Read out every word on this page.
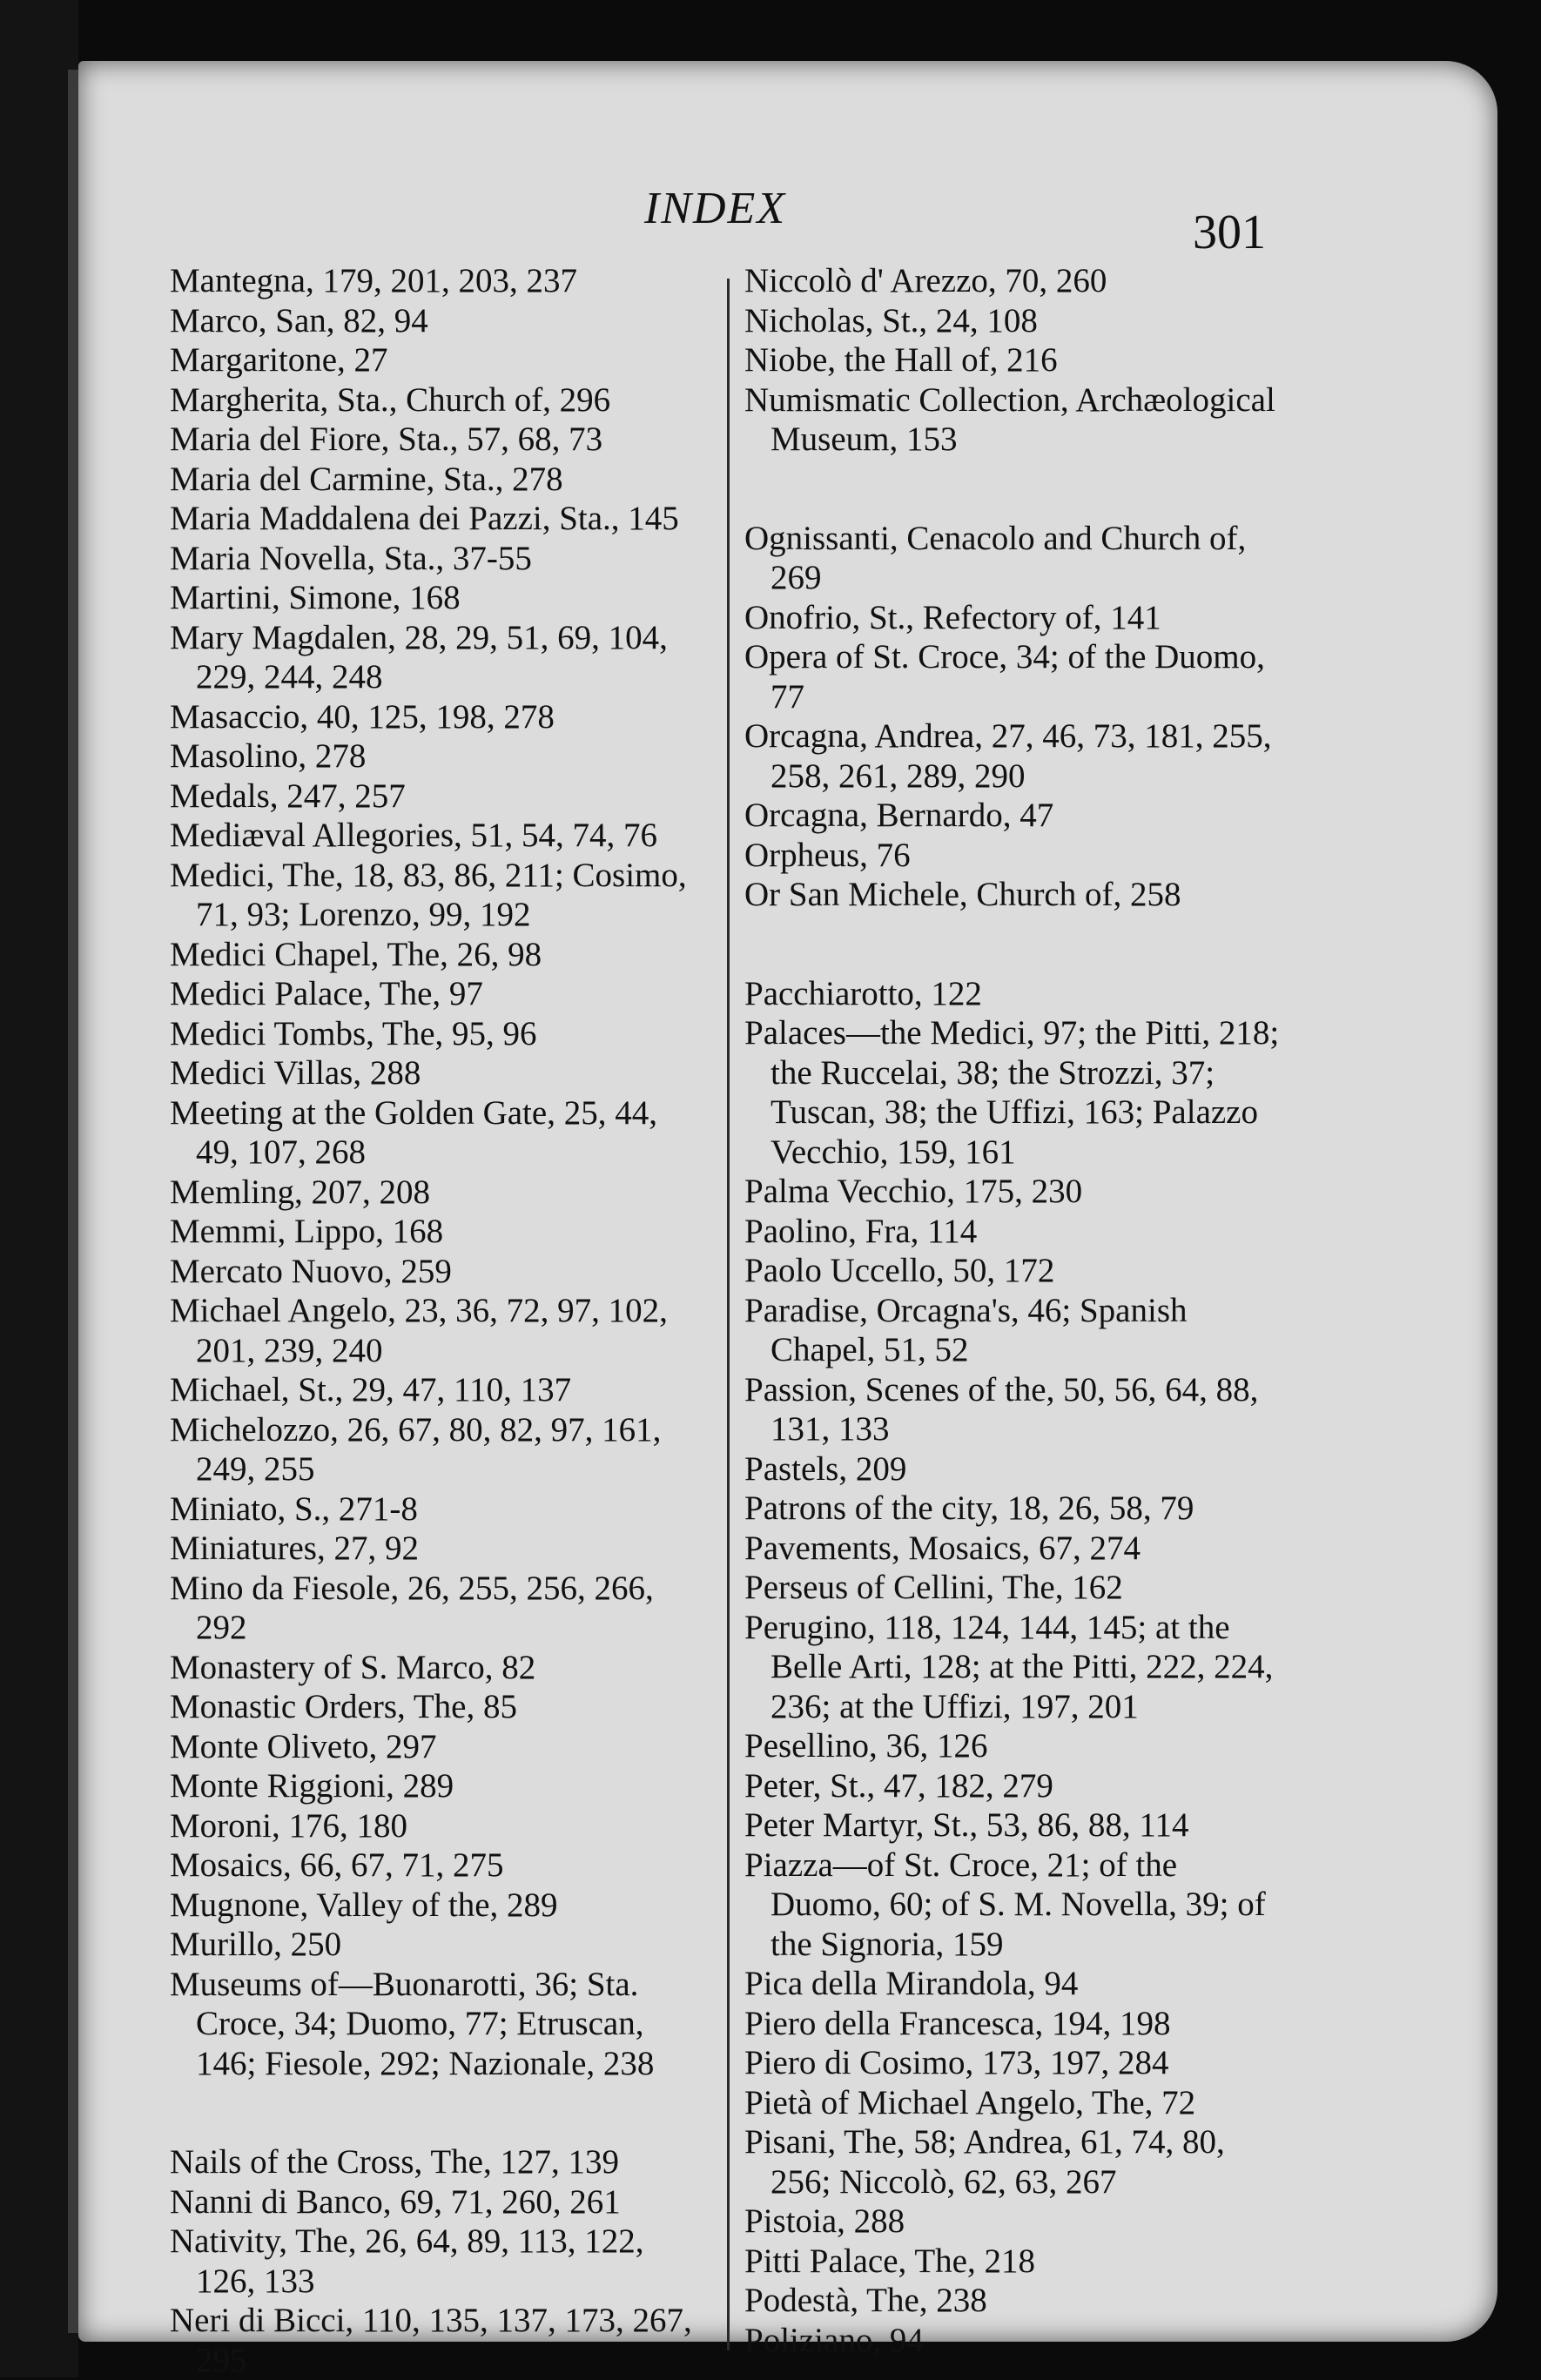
INDEX	301

Mantegna, 179, 201, 203, 237

Marco, San, 82, 94

Margaritone, 27

Margherita, Sta., Church of, 296

Maria del Fiore, Sta., 57, 68, 73

Maria del Carmine, Sta., 278

Maria Maddalena dei Pazzi, Sta., 145

Maria Novella, Sta., 37-55

Martini, Simone, 168

Mary Magdalen, 28, 29, 51, 69, 104, 229, 244, 248

Masaccio, 40, 125, 198, 278

Masolino, 278

Medals, 247, 257

Mediæval Allegories, 51, 54, 74, 76

Medici, The, 18, 83, 86, 211; Cosimo, 71, 93; Lorenzo, 99, 192

Medici Chapel, The, 26, 98

Medici Palace, The, 97

Medici Tombs, The, 95, 96

Medici Villas, 288

Meeting at the Golden Gate, 25, 44, 49, 107, 268

Memling, 207, 208

Memmi, Lippo, 168

Mercato Nuovo, 259

Michael Angelo, 23, 36, 72, 97, 102, 201, 239, 240

Michael, St., 29, 47, 110, 137

Michelozzo, 26, 67, 80, 82, 97, 161, 249, 255

Miniato, S., 271-8

Miniatures, 27, 92

Mino da Fiesole, 26, 255, 256, 266, 292

Monastery of S. Marco, 82

Monastic Orders, The, 85

Monte Oliveto, 297

Monte Riggioni, 289

Moroni, 176, 180

Mosaics, 66, 67, 71, 275

Mugnone, Valley of the, 289

Murillo, 250

Museums of—Buonarotti, 36; Sta. Croce, 34; Duomo, 77; Etruscan, 146; Fiesole, 292; Nazionale, 238

Nails of the Cross, The, 127, 139

Nanni di Banco, 69, 71, 260, 261

Nativity, The, 26, 64, 89, 113, 122, 126, 133

Neri di Bicci, 110, 135, 137, 173, 267, 295

Niccolò d' Arezzo, 70, 260

Nicholas, St., 24, 108

Niobe, the Hall of, 216

Numismatic Collection, Archæological Museum, 153

Ognissanti, Cenacolo and Church of, 269

Onofrio, St., Refectory of, 141

Opera of St. Croce, 34; of the Duomo, 77

Orcagna, Andrea, 27, 46, 73, 181, 255, 258, 261, 289, 290

Orcagna, Bernardo, 47

Orpheus, 76

Or San Michele, Church of, 258

Pacchiarotto, 122

Palaces—the Medici, 97; the Pitti, 218; the Ruccelai, 38; the Strozzi, 37; Tuscan, 38; the Uffizi, 163; Palazzo Vecchio, 159, 161

Palma Vecchio, 175, 230

Paolino, Fra, 114

Paolo Uccello, 50, 172

Paradise, Orcagna's, 46; Spanish Chapel, 51, 52

Passion, Scenes of the, 50, 56, 64, 88, 131, 133

Pastels, 209

Patrons of the city, 18, 26, 58, 79

Pavements, Mosaics, 67, 274

Perseus of Cellini, The, 162

Perugino, 118, 124, 144, 145; at the Belle Arti, 128; at the Pitti, 222, 224, 236; at the Uffizi, 197, 201

Pesellino, 36, 126

Peter, St., 47, 182, 279

Peter Martyr, St., 53, 86, 88, 114

Piazza—of St. Croce, 21; of the Duomo, 60; of S. M. Novella, 39; of the Signoria, 159

Pica della Mirandola, 94

Piero della Francesca, 194, 198

Piero di Cosimo, 173, 197, 284

Pietà of Michael Angelo, The, 72

Pisani, The, 58; Andrea, 61, 74, 80, 256; Niccolò, 62, 63, 267

Pistoia, 288

Pitti Palace, The, 218

Podestà, The, 238

Poliziano, 94
